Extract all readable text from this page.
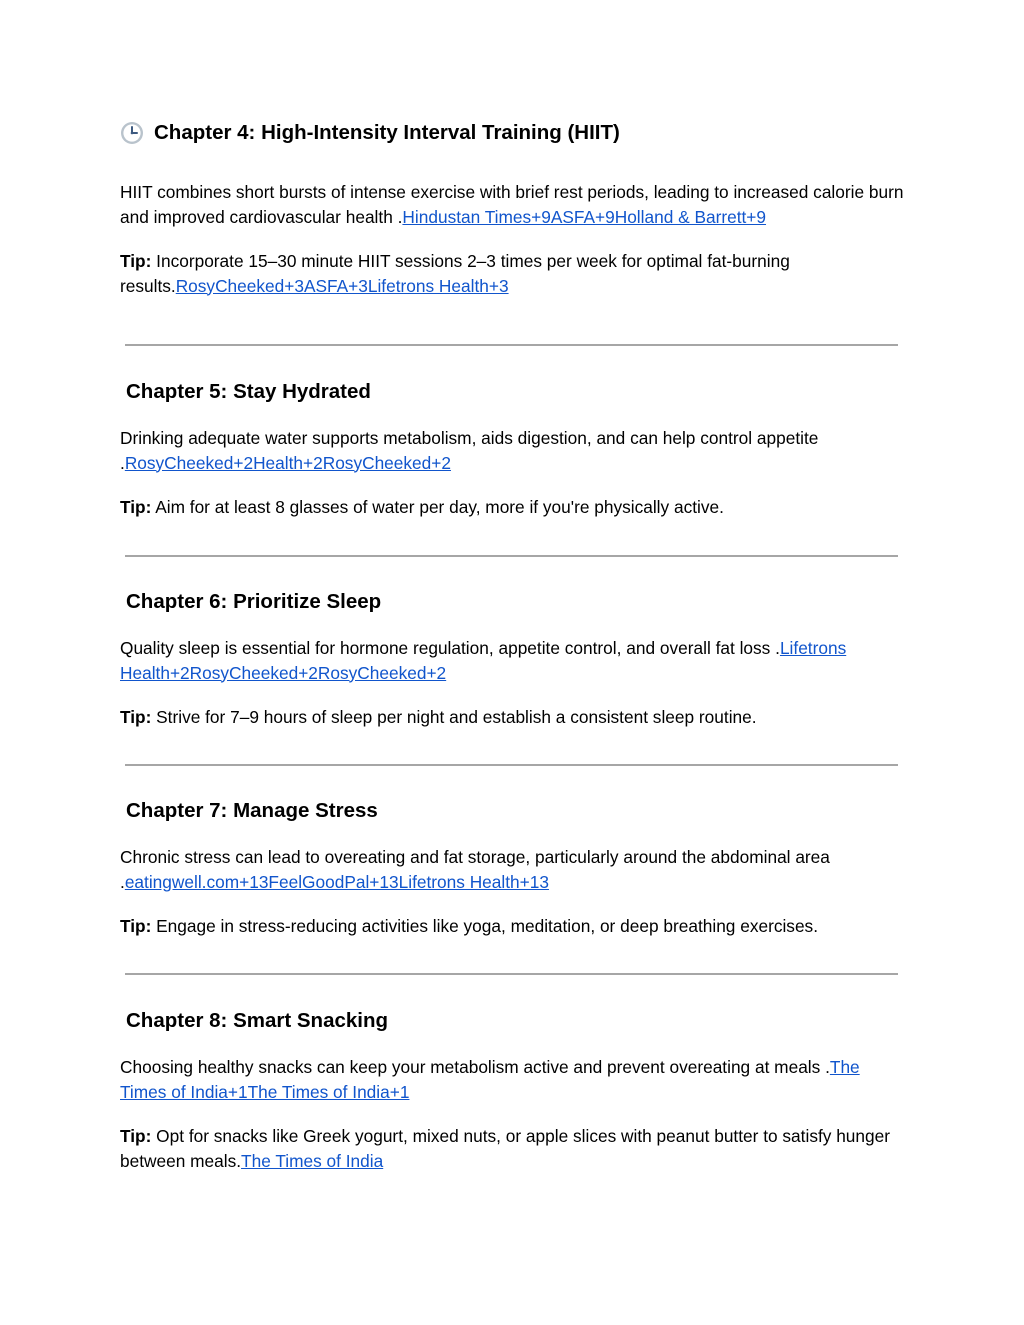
Chapter 4: High-Intensity Interval Training (HIIT)

HIIT combines short bursts of intense exercise with brief rest periods, leading to increased calorie burn and improved cardiovascular health .Hindustan Times+9ASFA+9Holland & Barrett+9

Tip: Incorporate 15–30 minute HIIT sessions 2–3 times per week for optimal fat-burning results.RosyCheeked+3ASFA+3Lifetrons Health+3

Chapter 5: Stay Hydrated

Drinking adequate water supports metabolism, aids digestion, and can help control appetite .RosyCheeked+2Health+2RosyCheeked+2

Tip: Aim for at least 8 glasses of water per day, more if you're physically active.

Chapter 6: Prioritize Sleep

Quality sleep is essential for hormone regulation, appetite control, and overall fat loss .Lifetrons Health+2RosyCheeked+2RosyCheeked+2

Tip: Strive for 7–9 hours of sleep per night and establish a consistent sleep routine.

Chapter 7: Manage Stress

Chronic stress can lead to overeating and fat storage, particularly around the abdominal area .eatingwell.com+13FeelGoodPal+13Lifetrons Health+13

Tip: Engage in stress-reducing activities like yoga, meditation, or deep breathing exercises.

Chapter 8: Smart Snacking

Choosing healthy snacks can keep your metabolism active and prevent overeating at meals .The Times of India+1The Times of India+1

Tip: Opt for snacks like Greek yogurt, mixed nuts, or apple slices with peanut butter to satisfy hunger between meals.The Times of India
